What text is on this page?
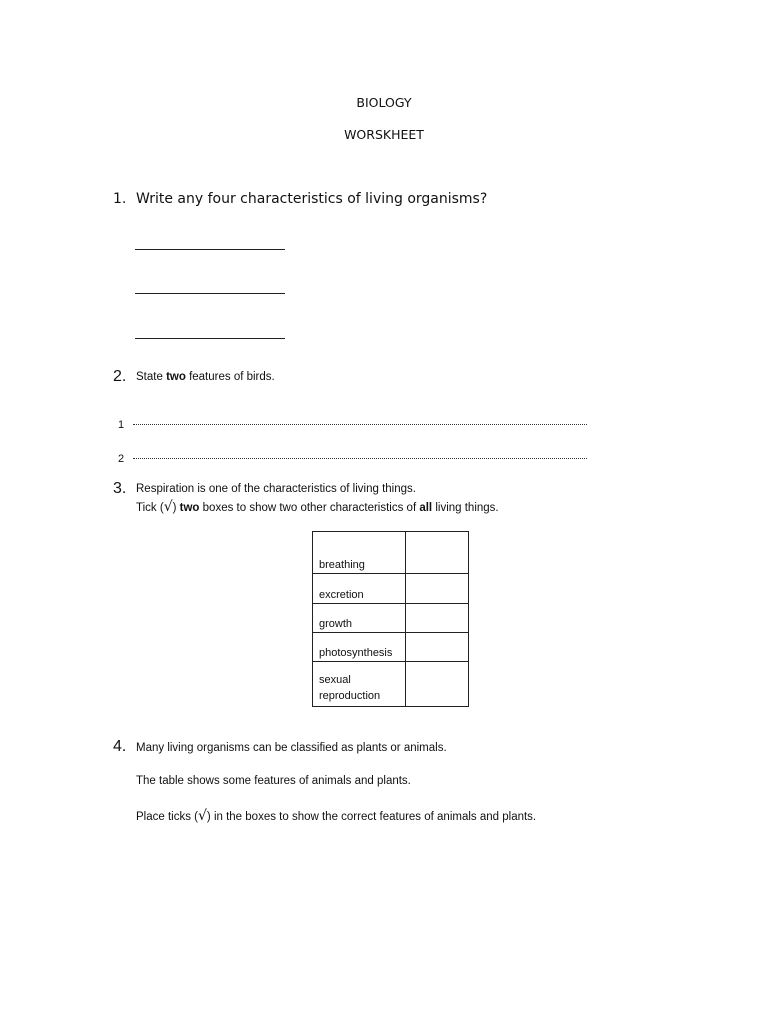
BIOLOGY
WORSKHEET
1. Write any four characteristics of living organisms?
2. State two features of birds.
1
2
3. Respiration is one of the characteristics of living things.
Tick (√) two boxes to show two other characteristics of all living things.
breathing	
excretion	
growth	
photosynthesis	
sexual reproduction	
4. Many living organisms can be classified as plants or animals.
The table shows some features of animals and plants.
Place ticks (√) in the boxes to show the correct features of animals and plants.
